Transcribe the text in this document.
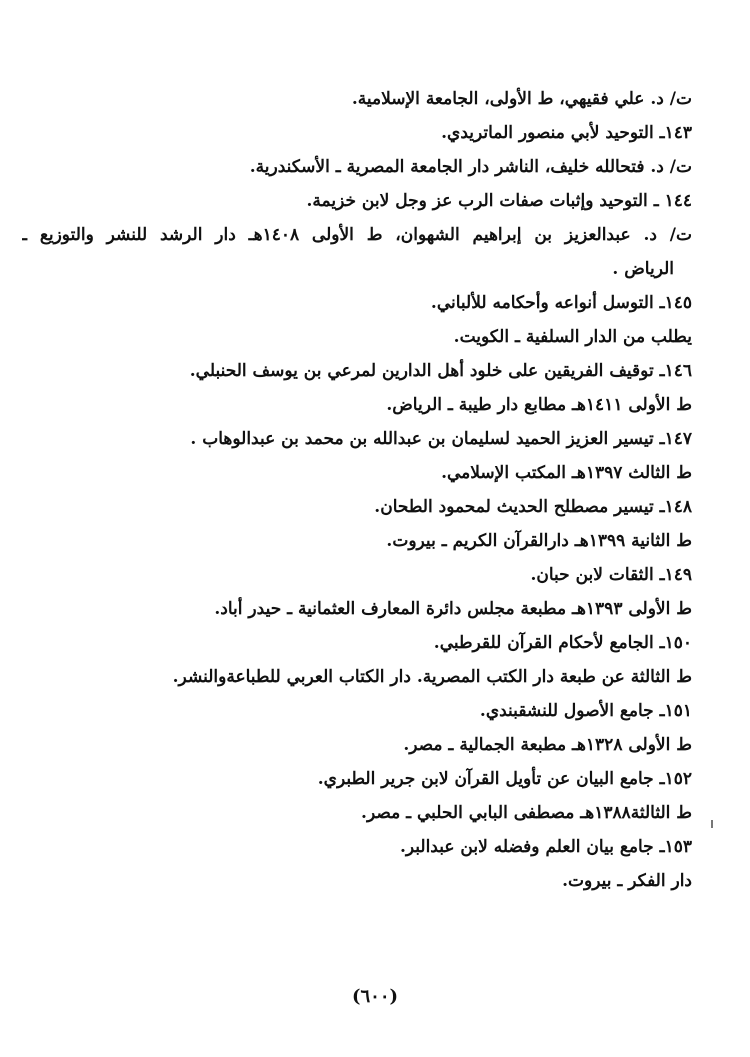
ت/ د. علي فقيهي، ط الأولى، الجامعة الإسلامية.
١٤٣ـ التوحيد لأبي منصور الماتريدي.
ت/ د. فتحالله خليف، الناشر دار الجامعة المصرية ـ الأسكندرية.
١٤٤ ـ التوحيد وإثبات صفات الرب عز وجل لابن خزيمة.
ت/ د. عبدالعزيز بن إبراهيم الشهوان، ط الأولى ١٤٠٨هـ دار الرشد للنشر والتوزيع ـ
الرياض .
١٤٥ـ التوسل أنواعه وأحكامه للألباني.
يطلب من الدار السلفية ـ الكويت.
١٤٦ـ توقيف الفريقين على خلود أهل الدارين لمرعي بن يوسف الحنبلي.
ط الأولى ١٤١١هـ مطابع دار طيبة ـ الرياض.
١٤٧ـ تيسير العزيز الحميد لسليمان بن عبدالله بن محمد بن عبدالوهاب .
ط الثالث ١٣٩٧هـ المكتب الإسلامي.
١٤٨ـ تيسير مصطلح الحديث لمحمود الطحان.
ط الثانية ١٣٩٩هـ دارالقرآن الكريم ـ بيروت.
١٤٩ـ الثقات لابن حبان.
ط الأولى ١٣٩٣هـ مطبعة مجلس دائرة المعارف العثمانية ـ حيدر أباد.
١٥٠ـ الجامع لأحكام القرآن للقرطبي.
ط الثالثة عن طبعة دار الكتب المصرية. دار الكتاب العربي للطباعةوالنشر.
١٥١ـ جامع الأصول للنشقبندي.
ط الأولى ١٣٢٨هـ مطبعة الجمالية ـ مصر.
١٥٢ـ جامع البيان عن تأويل القرآن لابن جرير الطبري.
ط الثالثة١٣٨٨هـ مصطفى البابي الحلبي ـ مصر.
١٥٣ـ جامع بيان العلم وفضله لابن عبدالبر.
دار الفكر ـ بيروت.
(٦٠٠)
